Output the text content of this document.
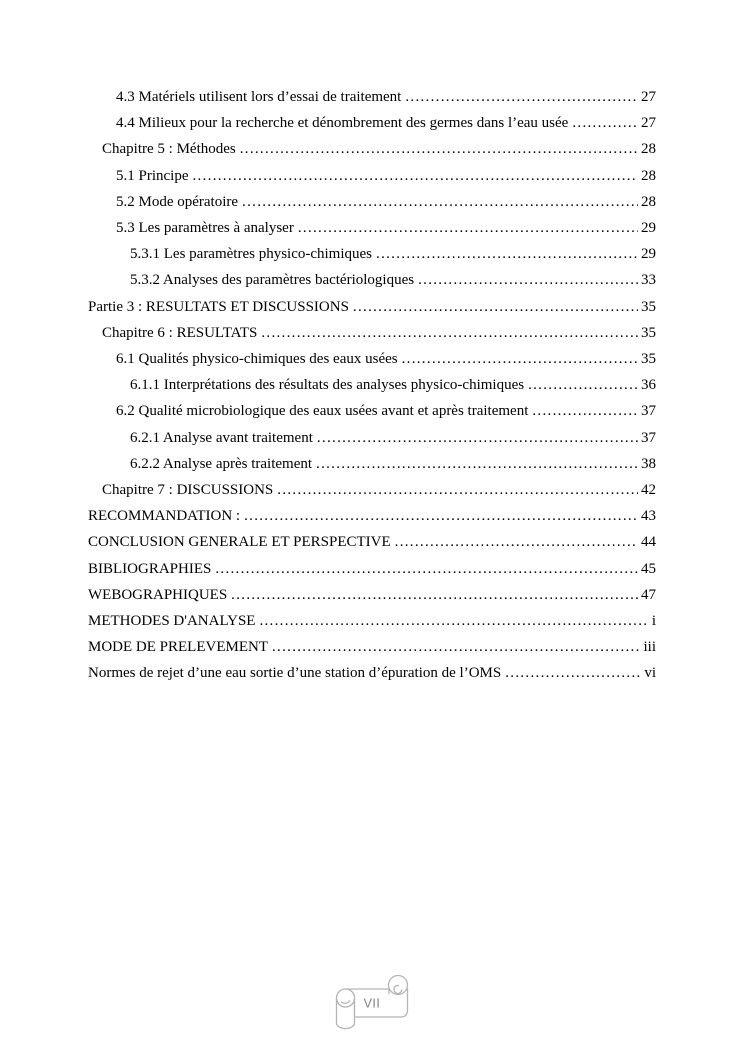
4.3 Matériels utilisent lors d’essai de traitement .....	27
4.4 Milieux pour la recherche et dénombrement des germes dans l’eau usée .....	27
Chapitre 5 : Méthodes .....	28
5.1 Principe .....	28
5.2 Mode opératoire .....	28
5.3 Les paramètres à analyser .....	29
5.3.1 Les paramètres physico-chimiques .....	29
5.3.2 Analyses des paramètres bactériologiques .....	33
Partie 3 : RESULTATS ET DISCUSSIONS .....	35
Chapitre 6 : RESULTATS .....	35
6.1 Qualités physico-chimiques des eaux usées .....	35
6.1.1 Interprétations des résultats des analyses physico-chimiques .....	36
6.2 Qualité microbiologique des eaux usées avant et après traitement .....	37
6.2.1 Analyse avant traitement .....	37
6.2.2 Analyse après traitement .....	38
Chapitre 7 : DISCUSSIONS .....	42
RECOMMANDATION : .....	43
CONCLUSION GENERALE ET PERSPECTIVE .....	44
BIBLIOGRAPHIES .....	45
WEBOGRAPHIQUES .....	47
METHODES D'ANALYSE .....	i
MODE DE PRELEVEMENT .....	iii
Normes de rejet d’une eau sortie d’une station d’épuration de l’OMS .....	vi
VII
